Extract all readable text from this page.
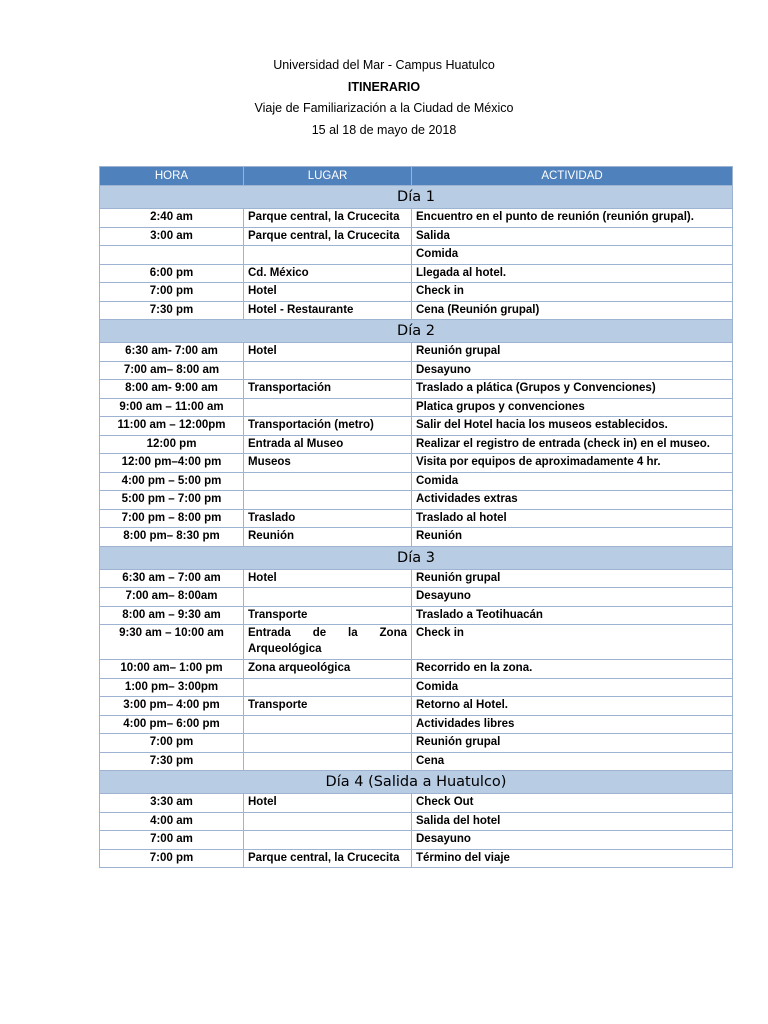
Universidad del Mar - Campus Huatulco
ITINERARIO
Viaje de Familiarización a la Ciudad de México
15 al 18 de mayo de 2018
HORA	LUGAR	ACTIVIDAD
Día 1		
2:40 am	Parque central, la Crucecita	Encuentro en el punto de reunión (reunión grupal).
3:00 am	Parque central, la Crucecita	Salida
		Comida
6:00 pm	Cd. México	Llegada al hotel.
7:00 pm	Hotel	Check in
7:30 pm	Hotel - Restaurante	Cena (Reunión grupal)
Día 2		
6:30 am- 7:00 am	Hotel	Reunión grupal
7:00 am– 8:00 am		Desayuno
8:00 am- 9:00 am	Transportación	Traslado a plática (Grupos y Convenciones)
9:00 am – 11:00 am		Platica grupos y convenciones
11:00 am – 12:00pm	Transportación (metro)	Salir del Hotel hacia los museos establecidos.
12:00 pm	Entrada al Museo	Realizar el registro de entrada (check in) en el museo.
12:00 pm–4:00 pm	Museos	Visita por equipos de aproximadamente 4 hr.
4:00 pm – 5:00 pm		Comida
5:00 pm – 7:00 pm		Actividades extras
7:00 pm – 8:00 pm	Traslado	Traslado al hotel
8:00 pm– 8:30 pm	Reunión	Reunión
Día 3		
6:30 am – 7:00 am	Hotel	Reunión grupal
7:00 am– 8:00am		Desayuno
8:00 am – 9:30 am	Transporte	Traslado a Teotihuacán
9:30 am – 10:00 am	Entrada de la Zona Arqueológica	Check in
10:00 am– 1:00 pm	Zona arqueológica	Recorrido en la zona.
1:00 pm– 3:00pm		Comida
3:00 pm– 4:00 pm	Transporte	Retorno al Hotel.
4:00 pm– 6:00 pm		Actividades libres
7:00 pm		Reunión grupal
7:30 pm		Cena
Día 4 (Salida a Huatulco)		
3:30 am	Hotel	Check Out
4:00 am		Salida del hotel
7:00 am		Desayuno
7:00 pm	Parque central, la Crucecita	Término del viaje
